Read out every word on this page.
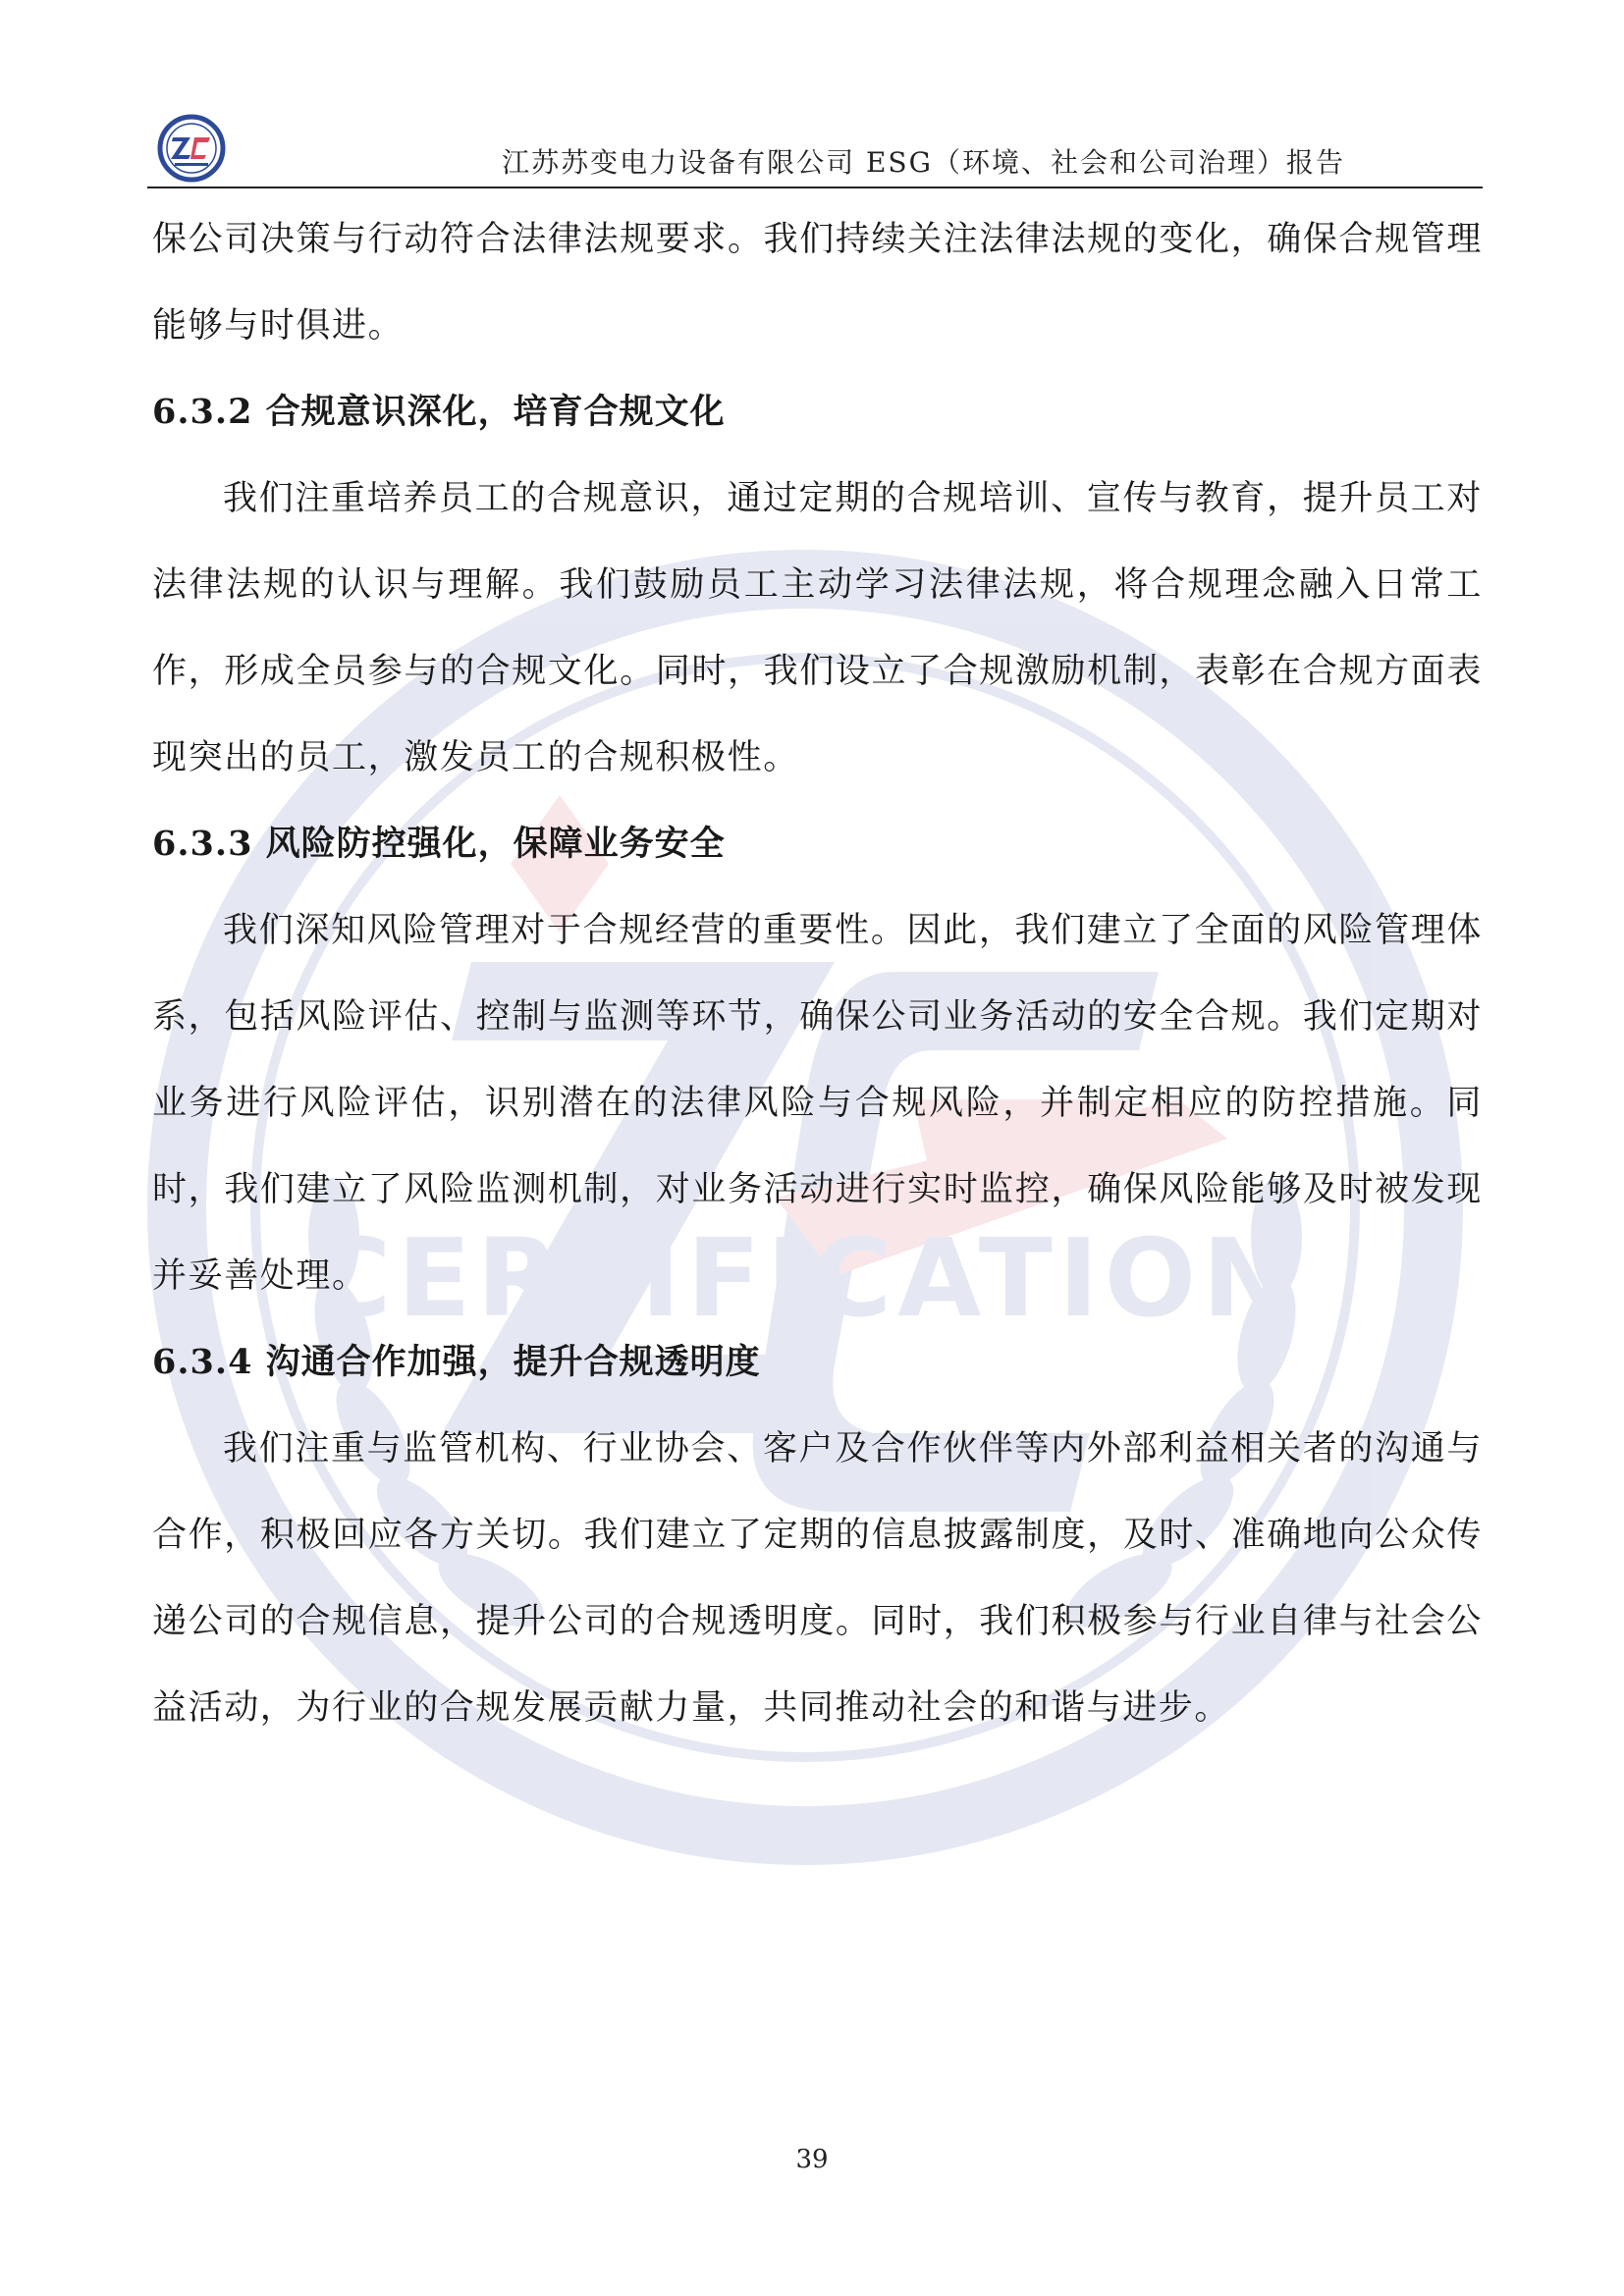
CERTIFICATION
江苏苏变电力设备有限公司 ESG（环境、社会和公司治理）报告

保公司决策与行动符合法律法规要求。我们持续关注法律法规的变化，确保合规管理能够与时俱进。

6.3.2 合规意识深化，培育合规文化

我们注重培养员工的合规意识，通过定期的合规培训、宣传与教育，提升员工对法律法规的认识与理解。我们鼓励员工主动学习法律法规，将合规理念融入日常工作，形成全员参与的合规文化。同时，我们设立了合规激励机制，表彰在合规方面表现突出的员工，激发员工的合规积极性。

6.3.3 风险防控强化，保障业务安全

我们深知风险管理对于合规经营的重要性。因此，我们建立了全面的风险管理体系，包括风险评估、控制与监测等环节，确保公司业务活动的安全合规。我们定期对业务进行风险评估，识别潜在的法律风险与合规风险，并制定相应的防控措施。同时，我们建立了风险监测机制，对业务活动进行实时监控，确保风险能够及时被发现并妥善处理。

6.3.4 沟通合作加强，提升合规透明度

我们注重与监管机构、行业协会、客户及合作伙伴等内外部利益相关者的沟通与合作，积极回应各方关切。我们建立了定期的信息披露制度，及时、准确地向公众传递公司的合规信息，提升公司的合规透明度。同时，我们积极参与行业自律与社会公益活动，为行业的合规发展贡献力量，共同推动社会的和谐与进步。

39
